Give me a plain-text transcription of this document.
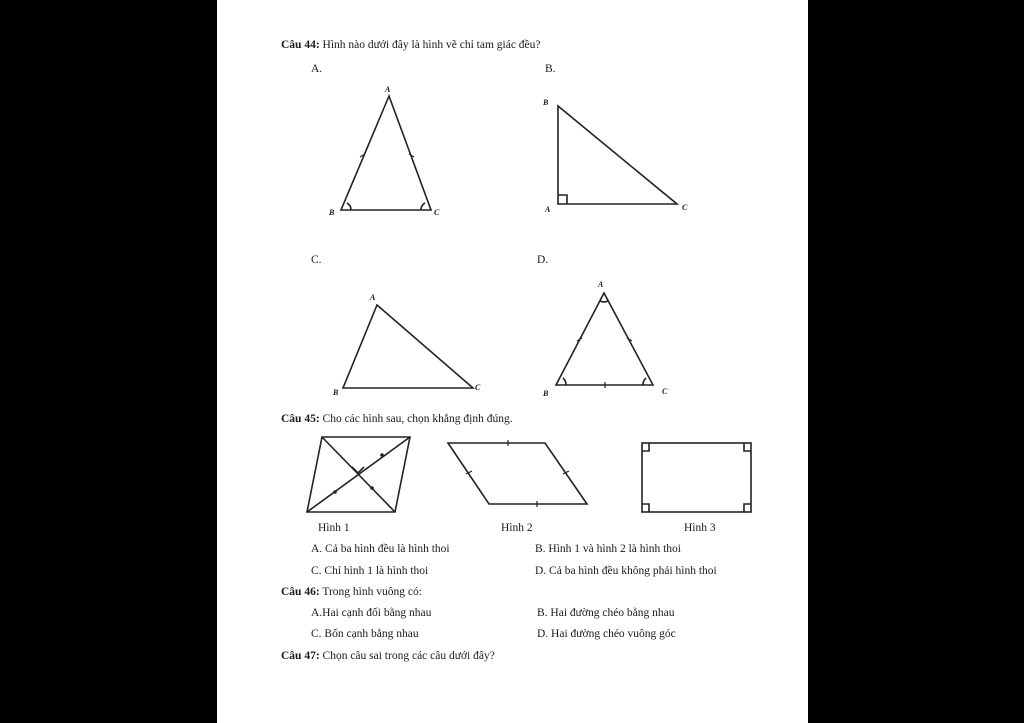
Câu 44: Hình nào dưới đây là hình vẽ chỉ tam giác đều?
A.	B.
A
B	C
B
A	C
C.	D.
A
B
C
A
B	C
Câu 45: Cho các hình sau, chọn khẳng định đúng.
Hình 1	Hình 2	Hình 3
A. Cả ba hình đều là hình thoi	B. Hình 1 và hình 2 là hình thoi
C. Chỉ hình 1 là hình thoi	D. Cả ba hình đều không phải hình thoi
Câu 46: Trong hình vuông có:
A.Hai cạnh đối bằng nhau	B. Hai đường chéo bằng nhau
C. Bốn cạnh bằng nhau	D. Hai đường chéo vuông góc
Câu 47: Chọn câu sai trong các câu dưới đây?
